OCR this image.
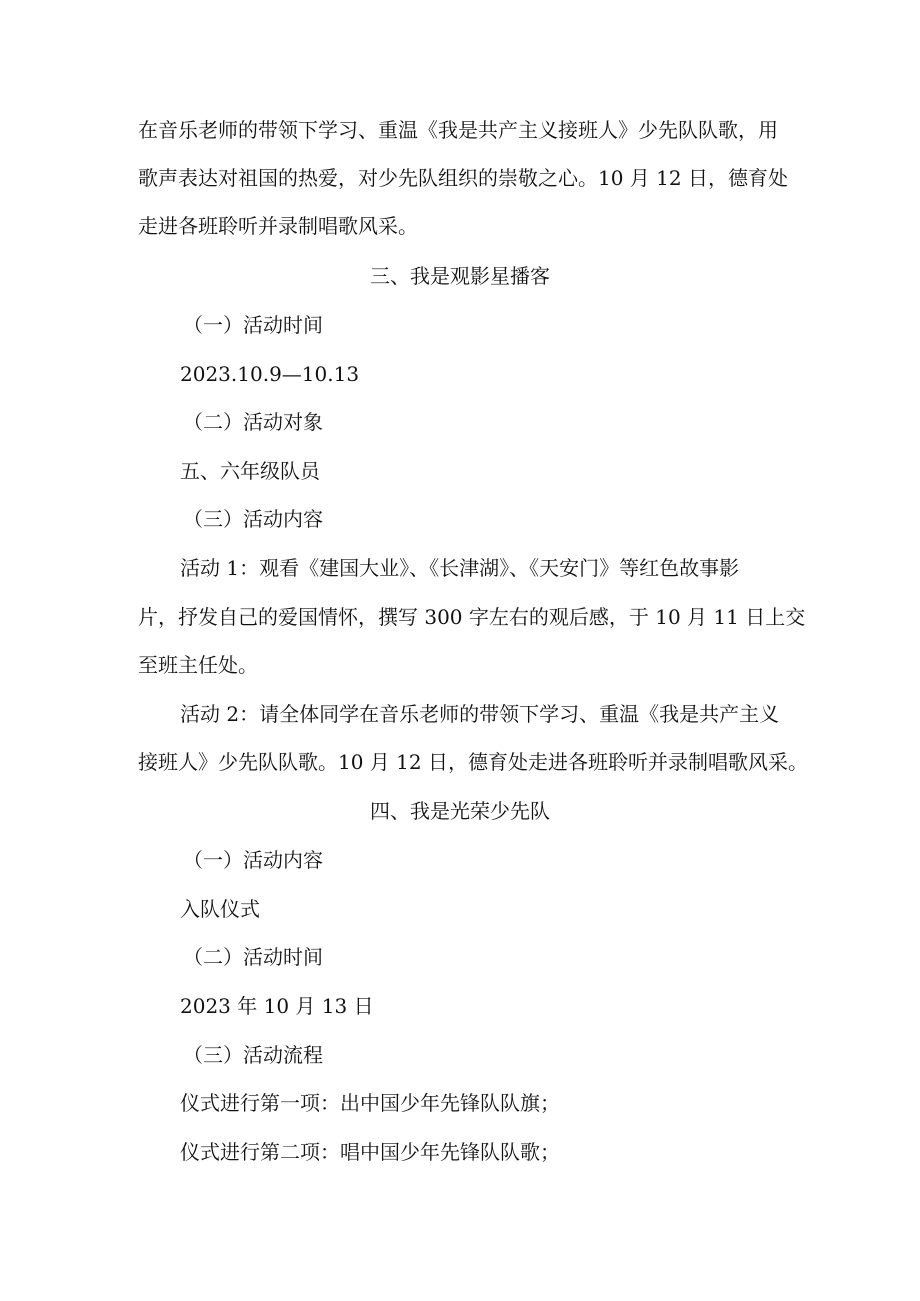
在音乐老师的带领下学习、重温《我是共产主义接班人》少先队队歌，用
歌声表达对祖国的热爱，对少先队组织的崇敬之心。10 月 12 日，德育处
走进各班聆听并录制唱歌风采。
三、我是观影星播客
（一）活动时间
2023.10.9—10.13
（二）活动对象
五、六年级队员
（三）活动内容
活动 1：观看《建国大业》、《长津湖》、《天安门》等红色故事影
片，抒发自己的爱国情怀，撰写 300 字左右的观后感，于 10 月 11 日上交
至班主任处。
活动 2：请全体同学在音乐老师的带领下学习、重温《我是共产主义
接班人》少先队队歌。10 月 12 日，德育处走进各班聆听并录制唱歌风采。
四、我是光荣少先队
（一）活动内容
入队仪式
（二）活动时间
2023 年 10 月 13 日
（三）活动流程
仪式进行第一项：出中国少年先锋队队旗；
仪式进行第二项：唱中国少年先锋队队歌；
